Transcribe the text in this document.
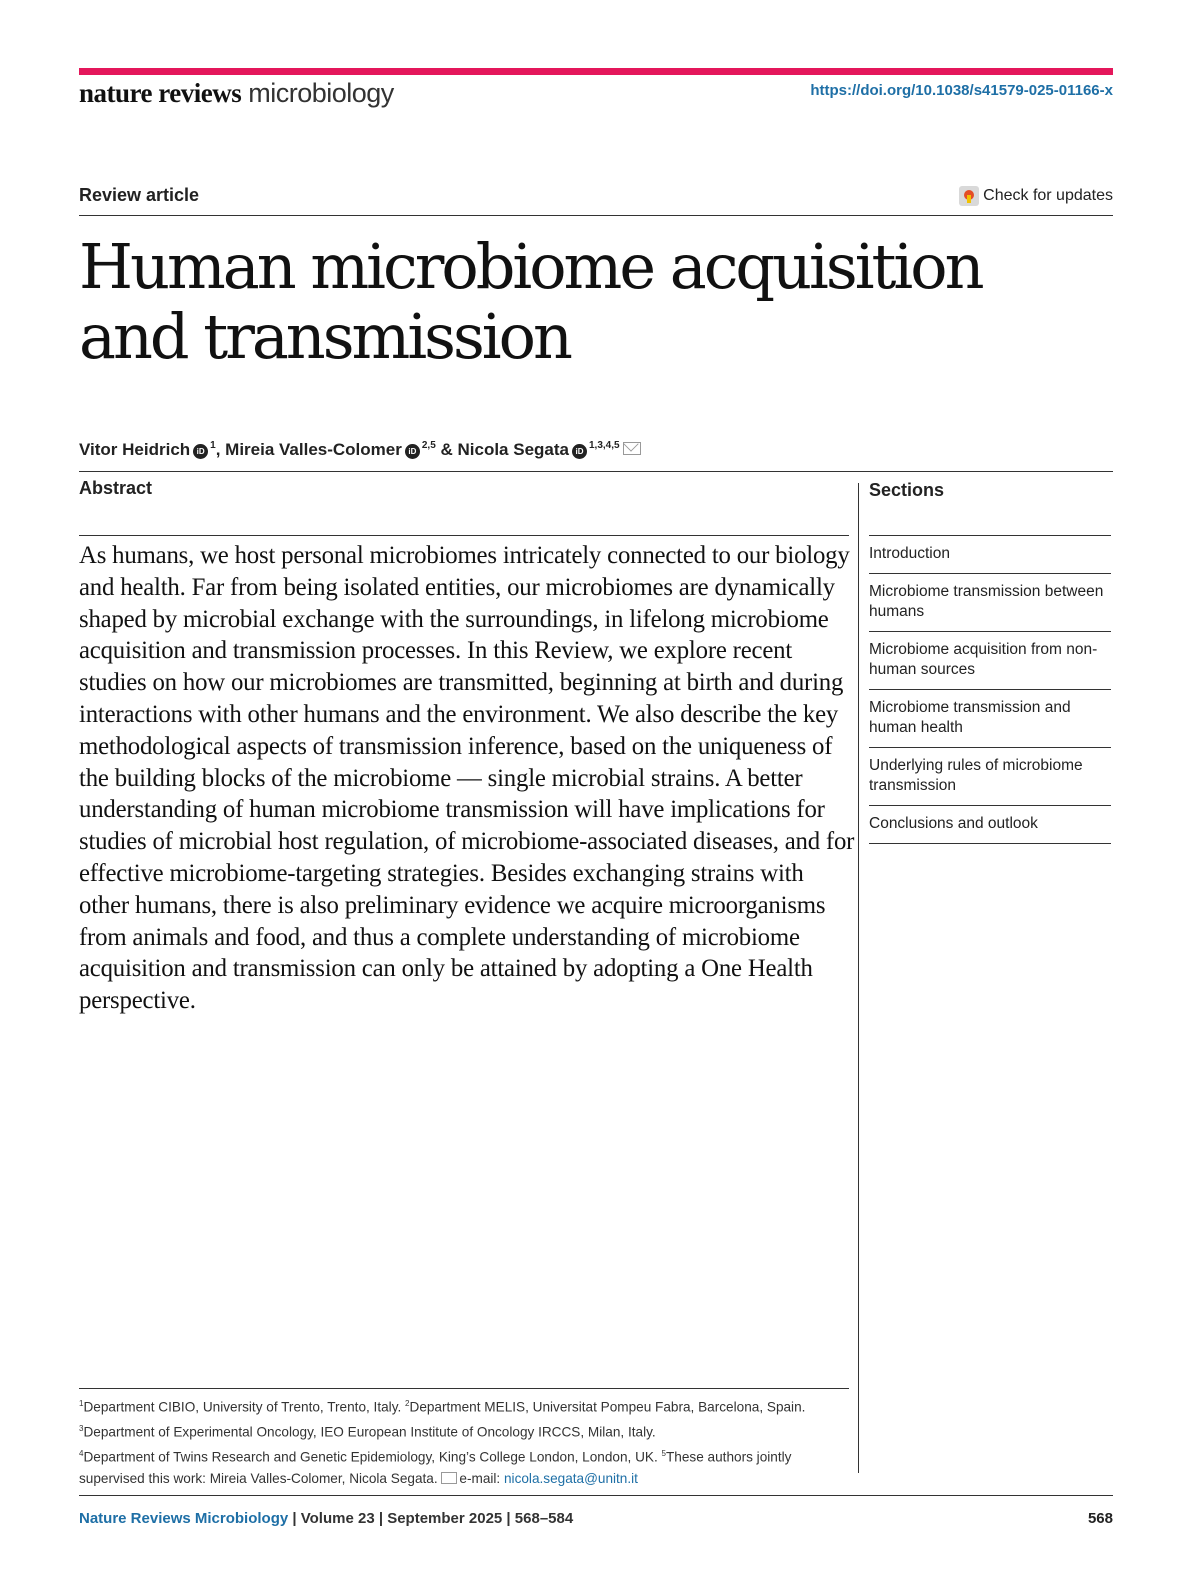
nature reviews microbiology	https://doi.org/10.1038/s41579-025-01166-x
Review article	Check for updates
Human microbiome acquisition
and transmission
Vitor Heidrich $iD^1$, Mireia Valles-Colomer iD$^{2,5}$ & Nicola Segata iD$^{1,3,4,5}$
Abstract

As humans, we host personal microbiomes intricately connected to our biology and health. Far from being isolated entities, our microbiomes are dynamically shaped by microbial exchange with the surroundings, in lifelong microbiome acquisition and transmission processes. In this Review, we explore recent studies on how our microbiomes are transmitted, beginning at birth and during interactions with other humans and the environment. We also describe the key methodological aspects of transmission inference, based on the uniqueness of the building blocks of the microbiome — single microbial strains. A better understanding of human microbiome transmission will have implications for studies of microbial host regulation, of microbiome-associated diseases, and for effective microbiome-targeting strategies. Besides exchanging strains with other humans, there is also preliminary evidence we acquire microorganisms from animals and food, and thus a complete understanding of microbiome acquisition and transmission can only be attained by adopting a One Health perspective.

Sections
Introduction
Microbiome transmission between humans
Microbiome acquisition from non-human sources
Microbiome transmission and human health
Underlying rules of microbiome transmission
Conclusions and outlook

$^1$Department CIBIO, University of Trento, Trento, Italy. $^2$Department MELIS, Universitat Pompeu Fabra, Barcelona, Spain. $^3$Department of Experimental Oncology, IEO European Institute of Oncology IRCCS, Milan, Italy.
$^4$Department of Twins Research and Genetic Epidemiology, King’s College London, London, UK. $^5$These authors jointly supervised this work: Mireia Valles-Colomer, Nicola Segata. e-mail: nicola.segata@unitn.it

Nature Reviews Microbiology | Volume 23 | September 2025 | 568–584	568
